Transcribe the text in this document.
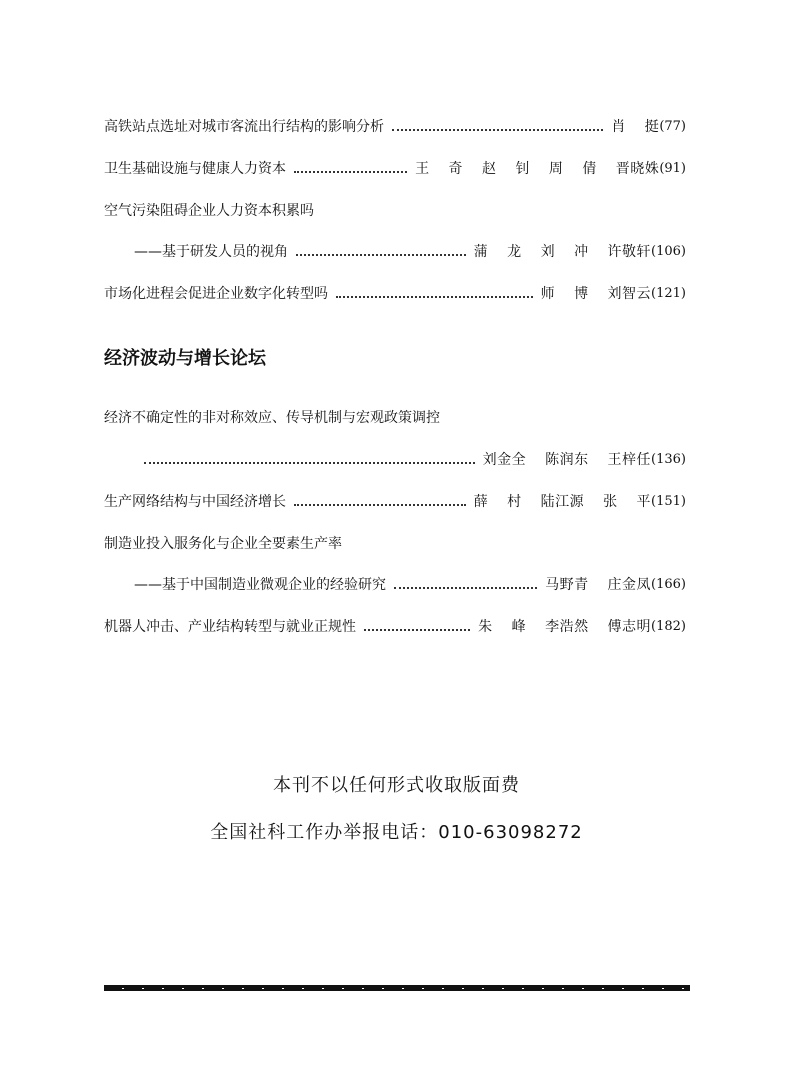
高铁站点选址对城市客流出行结构的影响分析	肖 挺 (77)
卫生基础设施与健康人力资本	王 奇 赵 钊 周 倩 晋晓姝 (91)
空气污染阻碍企业人力资本积累吗
——基于研发人员的视角	蒲 龙 刘 冲 许敬轩 (106)
市场化进程会促进企业数字化转型吗	师 博 刘智云 (121)
经济波动与增长论坛
经济不确定性的非对称效应、传导机制与宏观政策调控
刘金全 陈润东 王梓任 (136)
生产网络结构与中国经济增长	薛 村 陆江源 张 平 (151)
制造业投入服务化与企业全要素生产率
——基于中国制造业微观企业的经验研究	马野青 庄金凤 (166)
机器人冲击、产业结构转型与就业正规性	朱 峰 李浩然 傅志明 (182)
本刊不以任何形式收取版面费
全国社科工作办举报电话：010-63098272
